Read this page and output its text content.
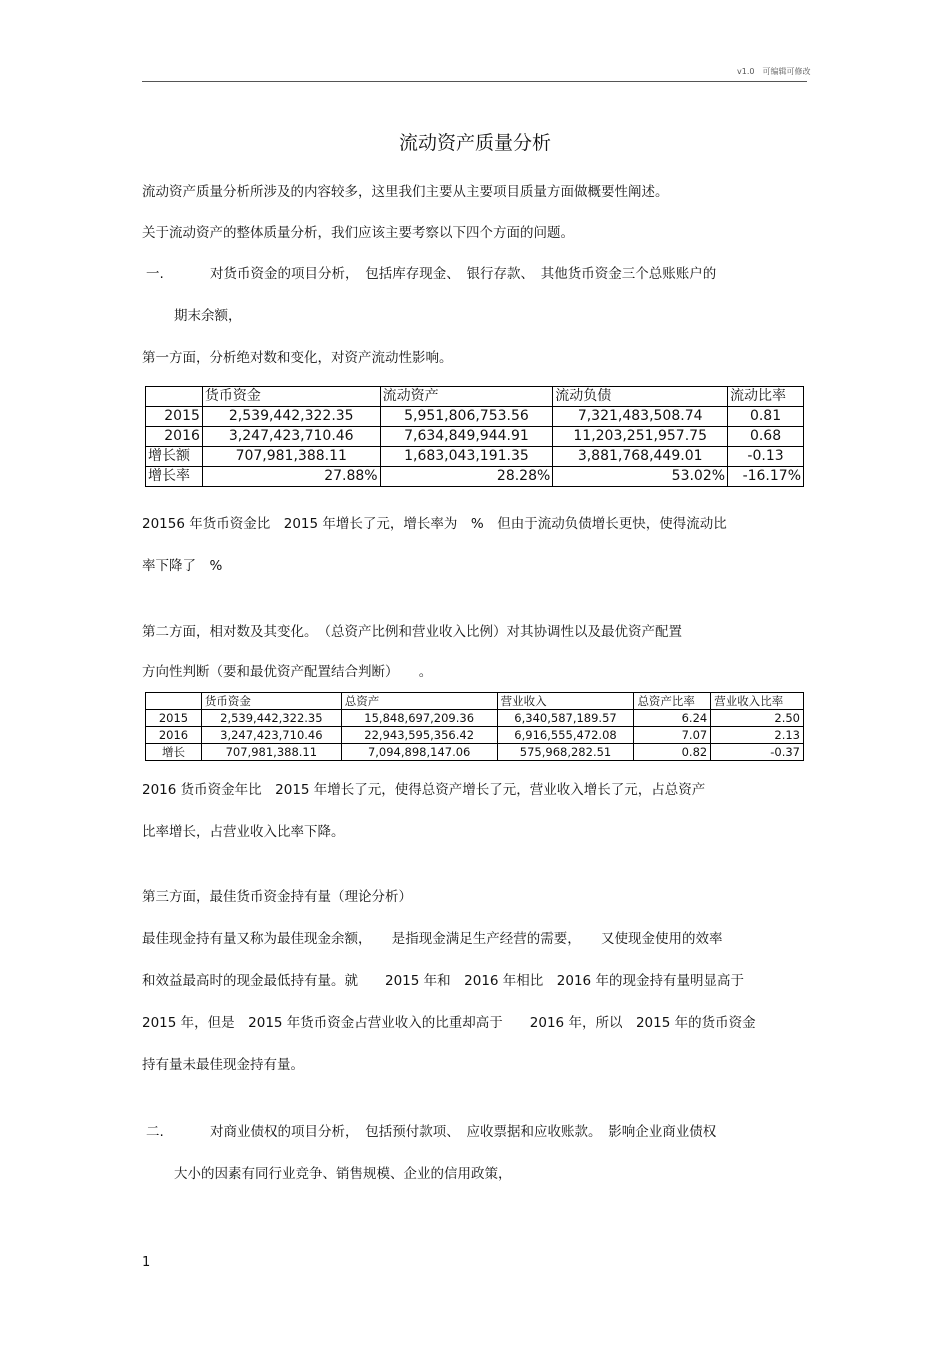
v1.0　可编辑可修改
流动资产质量分析
流动资产质量分析所涉及的内容较多，这里我们主要从主要项目质量方面做概要性阐述。
关于流动资产的整体质量分析，我们应该主要考察以下四个方面的问题。
一.	对货币资金的项目分析，　包括库存现金、　银行存款、　其他货币资金三个总账账户的
期末余额，
第一方面，分析绝对数和变化，对资产流动性影响。
	货币资金	流动资产	流动负债	流动比率
2015	2,539,442,322.35	5,951,806,753.56	7,321,483,508.74	0.81
2016	3,247,423,710.46	7,634,849,944.91	11,203,251,957.75	0.68
增长额	707,981,388.11	1,683,043,191.35	3,881,768,449.01	-0.13
增长率	27.88%	28.28%	53.02%	-16.17%
20156 年货币资金比　2015 年增长了元，增长率为　%　但由于流动负债增长更快，使得流动比
率下降了　%
第二方面，相对数及其变化。　（总资产比例和营业收入比例）对其协调性以及最优资产配置
方向性判断（要和最优资产配置结合判断）　　。
	货币资金	总资产	营业收入	总资产比率	营业收入比率
2015	2,539,442,322.35	15,848,697,209.36	6,340,587,189.57	6.24	2.50
2016	3,247,423,710.46	22,943,595,356.42	6,916,555,472.08	7.07	2.13
增长	707,981,388.11	7,094,898,147.06	575,968,282.51	0.82	-0.37
2016 货币资金年比　2015 年增长了元，使得总资产增长了元，营业收入增长了元，占总资产
比率增长，占营业收入比率下降。
第三方面，最佳货币资金持有量（理论分析）
最佳现金持有量又称为最佳现金余额，　　是指现金满足生产经营的需要，　　又使现金使用的效率
和效益最高时的现金最低持有量。就　　2015 年和　2016 年相比　2016 年的现金持有量明显高于
2015 年，但是　2015 年货币资金占营业收入的比重却高于　　2016 年，所以　2015 年的货币资金
持有量未最佳现金持有量。
二.	对商业债权的项目分析，　包括预付款项、　应收票据和应收账款。　影响企业商业债权
大小的因素有同行业竞争、销售规模、企业的信用政策，
1
